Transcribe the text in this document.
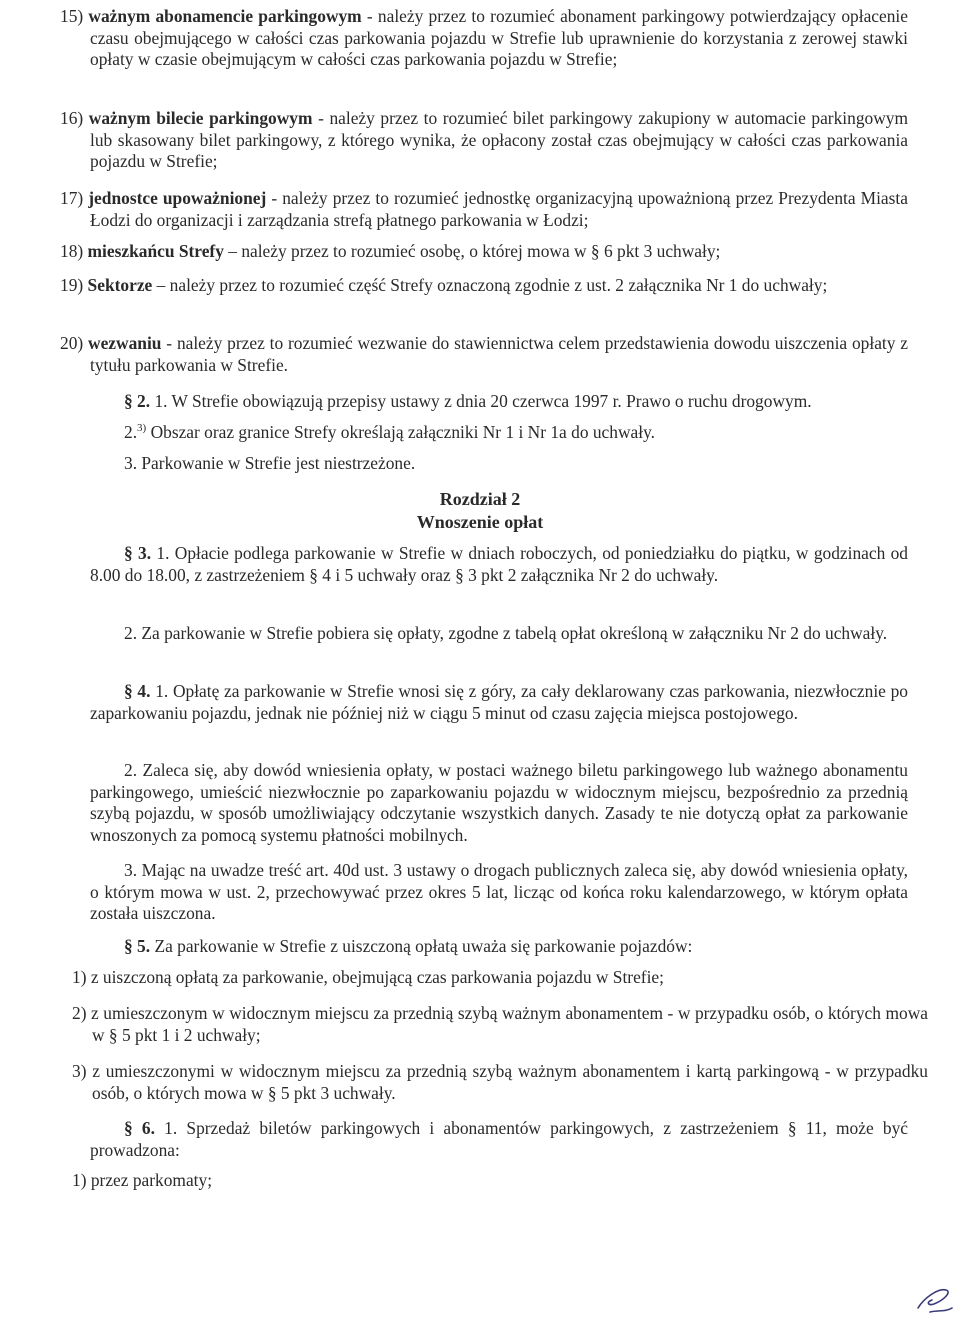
15) ważnym abonamencie parkingowym - należy przez to rozumieć abonament parkingowy potwierdzający opłacenie czasu obejmującego w całości czas parkowania pojazdu w Strefie lub uprawnienie do korzystania z zerowej stawki opłaty w czasie obejmującym w całości czas parkowania pojazdu w Strefie;

16) ważnym bilecie parkingowym - należy przez to rozumieć bilet parkingowy zakupiony w automacie parkingowym lub skasowany bilet parkingowy, z którego wynika, że opłacony został czas obejmujący w całości czas parkowania pojazdu w Strefie;

17) jednostce upoważnionej - należy przez to rozumieć jednostkę organizacyjną upoważnioną przez Prezydenta Miasta Łodzi do organizacji i zarządzania strefą płatnego parkowania w Łodzi;

18) mieszkańcu Strefy – należy przez to rozumieć osobę, o której mowa w § 6 pkt 3 uchwały;

19) Sektorze – należy przez to rozumieć część Strefy oznaczoną zgodnie z ust. 2 załącznika Nr 1 do uchwały;

20) wezwaniu - należy przez to rozumieć wezwanie do stawiennictwa celem przedstawienia dowodu uiszczenia opłaty z tytułu parkowania w Strefie.

§ 2. 1. W Strefie obowiązują przepisy ustawy z dnia 20 czerwca 1997 r. Prawo o ruchu drogowym.

2.$^{3)}$ Obszar oraz granice Strefy określają załączniki Nr 1 i Nr 1a do uchwały.

3. Parkowanie w Strefie jest niestrzeżone.

Rozdział 2
Wnoszenie opłat

§ 3. 1. Opłacie podlega parkowanie w Strefie w dniach roboczych, od poniedziałku do piątku, w godzinach od 8.00 do 18.00, z zastrzeżeniem § 4 i 5 uchwały oraz § 3 pkt 2 załącznika Nr 2 do uchwały.

2. Za parkowanie w Strefie pobiera się opłaty, zgodne z tabelą opłat określoną w załączniku Nr 2 do uchwały.

§ 4. 1. Opłatę za parkowanie w Strefie wnosi się z góry, za cały deklarowany czas parkowania, niezwłocznie po zaparkowaniu pojazdu, jednak nie później niż w ciągu 5 minut od czasu zajęcia miejsca postojowego.

2. Zaleca się, aby dowód wniesienia opłaty, w postaci ważnego biletu parkingowego lub ważnego abonamentu parkingowego, umieścić niezwłocznie po zaparkowaniu pojazdu w widocznym miejscu, bezpośrednio za przednią szybą pojazdu, w sposób umożliwiający odczytanie wszystkich danych. Zasady te nie dotyczą opłat za parkowanie wnoszonych za pomocą systemu płatności mobilnych.

3. Mając na uwadze treść art. 40d ust. 3 ustawy o drogach publicznych zaleca się, aby dowód wniesienia opłaty, o którym mowa w ust. 2, przechowywać przez okres 5 lat, licząc od końca roku kalendarzowego, w którym opłata została uiszczona.

§ 5. Za parkowanie w Strefie z uiszczoną opłatą uważa się parkowanie pojazdów:

1) z uiszczoną opłatą za parkowanie, obejmującą czas parkowania pojazdu w Strefie;

2) z umieszczonym w widocznym miejscu za przednią szybą ważnym abonamentem - w przypadku osób, o których mowa w § 5 pkt 1 i 2 uchwały;

3) z umieszczonymi w widocznym miejscu za przednią szybą ważnym abonamentem i kartą parkingową - w przypadku osób, o których mowa w § 5 pkt 3 uchwały.

§ 6. 1. Sprzedaż biletów parkingowych i abonamentów parkingowych, z zastrzeżeniem § 11, może być prowadzona:

1) przez parkomaty;
